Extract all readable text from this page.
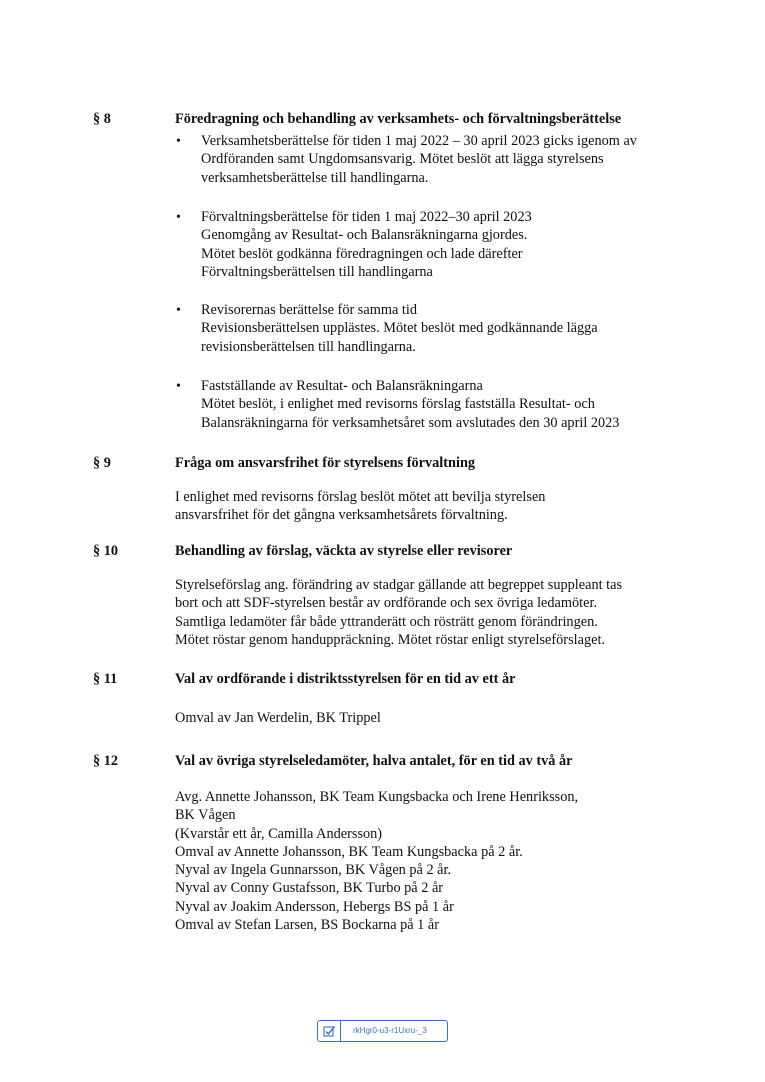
§ 8	Föredragning och behandling av verksamhets- och förvaltningsberättelse
• Verksamhetsberättelse för tiden 1 maj 2022 – 30 april 2023 gicks igenom av
Ordföranden samt Ungdomsansvarig. Mötet beslöt att lägga styrelsens
verksamhetsberättelse till handlingarna.
• Förvaltningsberättelse för tiden 1 maj 2022–30 april 2023
Genomgång av Resultat- och Balansräkningarna gjordes.
Mötet beslöt godkänna föredragningen och lade därefter
Förvaltningsberättelsen till handlingarna
• Revisorernas berättelse för samma tid
Revisionsberättelsen upplästes. Mötet beslöt med godkännande lägga
revisionsberättelsen till handlingarna.
• Fastställande av Resultat- och Balansräkningarna
Mötet beslöt, i enlighet med revisorns förslag fastställa Resultat- och
Balansräkningarna för verksamhetsåret som avslutades den 30 april 2023
§ 9	Fråga om ansvarsfrihet för styrelsens förvaltning
I enlighet med revisorns förslag beslöt mötet att bevilja styrelsen
ansvarsfrihet för det gångna verksamhetsårets förvaltning.
§ 10	Behandling av förslag, väckta av styrelse eller revisorer
Styrelseförslag ang. förändring av stadgar gällande att begreppet suppleant tas
bort och att SDF-styrelsen består av ordförande och sex övriga ledamöter.
Samtliga ledamöter får både yttranderätt och rösträtt genom förändringen.
Mötet röstar genom handuppräckning. Mötet röstar enligt styrelseförslaget.
§ 11	Val av ordförande i distriktsstyrelsen för en tid av ett år
Omval av Jan Werdelin, BK Trippel
§ 12	Val av övriga styrelseledamöter, halva antalet, för en tid av två år
Avg. Annette Johansson, BK Team Kungsbacka och Irene Henriksson,
BK Vågen
(Kvarstår ett år, Camilla Andersson)
Omval av Annette Johansson, BK Team Kungsbacka på 2 år.
Nyval av Ingela Gunnarsson, BK Vågen på 2 år.
Nyval av Conny Gustafsson, BK Turbo på 2 år
Nyval av Joakim Andersson, Hebergs BS på 1 år
Omval av Stefan Larsen, BS Bockarna på 1 år
rkHgr0-u3-r1Uxru-_3
